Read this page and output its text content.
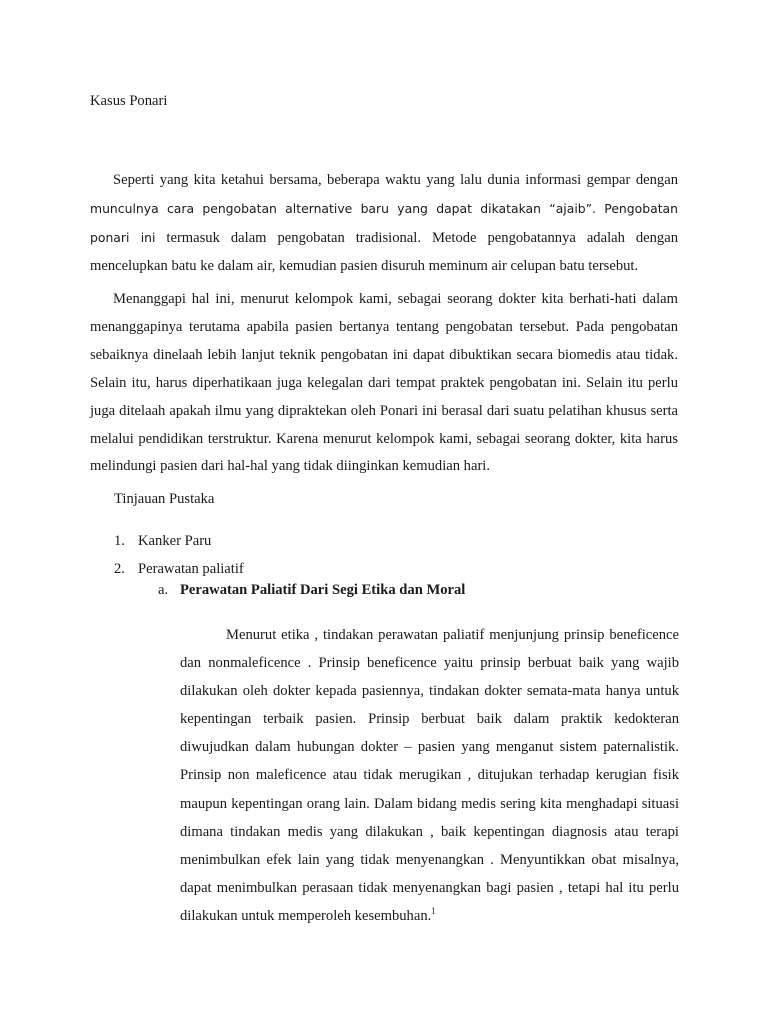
Kasus Ponari

Seperti yang kita ketahui bersama, beberapa waktu yang lalu dunia informasi gempar dengan munculnya cara pengobatan alternative baru yang dapat dikatakan “ajaib”. Pengobatan ponari ini termasuk dalam pengobatan tradisional. Metode pengobatannya adalah dengan mencelupkan batu ke dalam air, kemudian pasien disuruh meminum air celupan batu tersebut.

Menanggapi hal ini, menurut kelompok kami, sebagai seorang dokter kita berhati-hati dalam menanggapinya terutama apabila pasien bertanya tentang pengobatan tersebut. Pada pengobatan sebaiknya dinelaah lebih lanjut teknik pengobatan ini dapat dibuktikan secara biomedis atau tidak. Selain itu, harus diperhatikaan juga kelegalan dari tempat praktek pengobatan ini. Selain itu perlu juga ditelaah apakah ilmu yang dipraktekan oleh Ponari ini berasal dari suatu pelatihan khusus serta melalui pendidikan terstruktur. Karena menurut kelompok kami, sebagai seorang dokter, kita harus melindungi pasien dari hal-hal yang tidak diinginkan kemudian hari.

Tinjauan Pustaka
1. Kanker Paru
2. Perawatan paliatif
a. Perawatan Paliatif Dari Segi Etika dan Moral

Menurut etika , tindakan perawatan paliatif menjunjung prinsip beneficence dan nonmaleficence . Prinsip beneficence yaitu prinsip berbuat baik yang wajib dilakukan oleh dokter kepada pasiennya, tindakan dokter semata-mata hanya untuk kepentingan terbaik pasien. Prinsip berbuat baik dalam praktik kedokteran diwujudkan dalam hubungan dokter – pasien yang menganut sistem paternalistik. Prinsip non maleficence atau tidak merugikan , ditujukan terhadap kerugian fisik maupun kepentingan orang lain. Dalam bidang medis sering kita menghadapi situasi dimana tindakan medis yang dilakukan , baik kepentingan diagnosis atau terapi menimbulkan efek lain yang tidak menyenangkan . Menyuntikkan obat misalnya, dapat menimbulkan perasaan tidak menyenangkan bagi pasien , tetapi hal itu perlu dilakukan untuk memperoleh kesembuhan.$^1$
